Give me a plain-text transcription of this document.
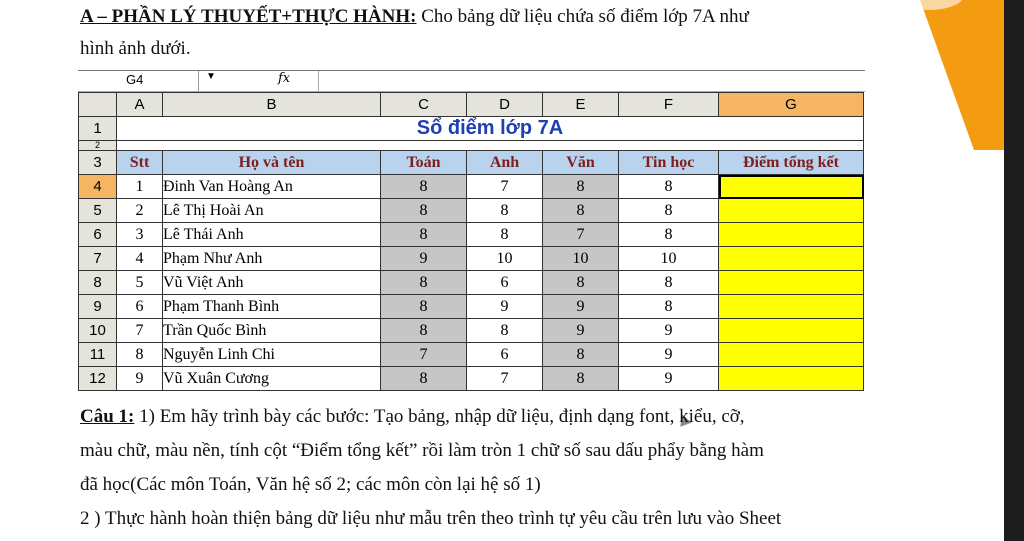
A – PHẦN LÝ THUYẾT+THỰC HÀNH: Cho bảng dữ liệu chứa số điểm lớp 7A như
hình ảnh dưới.
G4	▼	fx
	A	B	C	D	E	F	G
1	Sổ điểm lớp 7A						
2							
3	Stt	Họ và tên	Toán	Anh	Văn	Tin học	Điểm tổng kết
4	1	Đinh Van Hoàng An	8	7	8	8	
5	2	Lê Thị Hoài An	8	8	8	8	
6	3	Lê Thái Anh	8	8	7	8	
7	4	Phạm Như Anh	9	10	10	10	
8	5	Vũ Việt Anh	8	6	8	8	
9	6	Phạm Thanh Bình	8	9	9	8	
10	7	Trần Quốc Bình	8	8	9	9	
11	8	Nguyễn Linh Chi	7	6	8	9	
12	9	Vũ Xuân Cương	8	7	8	9	
Câu 1: 1) Em hãy trình bày các bước: Tạo bảng, nhập dữ liệu, định dạng font, kiểu, cỡ,
màu chữ, màu nền, tính cột “Điểm tổng kết” rồi làm tròn 1 chữ số sau dấu phẩy bằng hàm
đã học(Các môn Toán, Văn hệ số 2; các môn còn lại hệ số 1)
2 ) Thực hành hoàn thiện bảng dữ liệu như mẫu trên theo trình tự yêu cầu trên lưu vào Sheet
